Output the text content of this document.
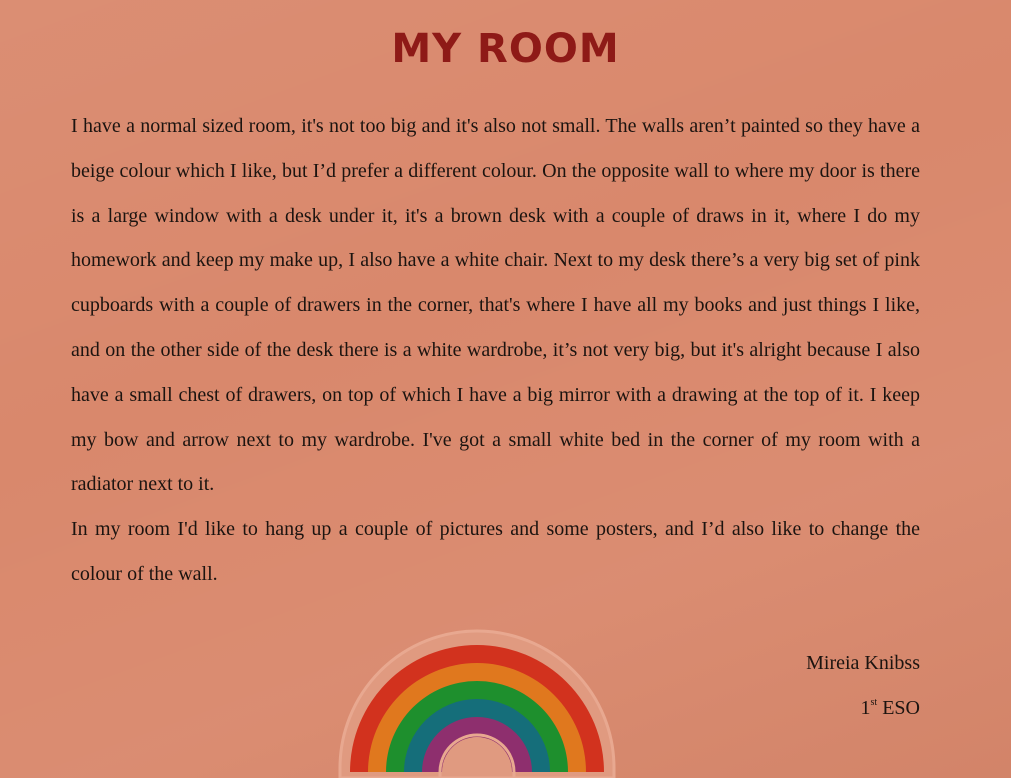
MY ROOM

I have a normal sized room, it's not too big and it's also not small. The walls aren’t painted so they have a beige colour which I like, but I’d prefer a different colour. On the opposite wall to where my door is there is a large window with a desk under it, it's a brown desk with a couple of draws in it, where I do my homework and keep my make up, I also have a white chair. Next to my desk there’s a very big set of pink cupboards with a couple of drawers in the corner, that's where I have all my books and just things I like, and on the other side of the desk there is a white wardrobe, it’s not very big, but it's alright because I also have a small chest of drawers, on top of which I have a big mirror with a drawing at the top of it. I keep my bow and arrow next to my wardrobe. I've got a small white bed in the corner of my room with a radiator next to it.

In my room I'd like to hang up a couple of pictures and some posters, and I’d also like to change the colour of the wall.

Mireia Knibss
1st ESO
